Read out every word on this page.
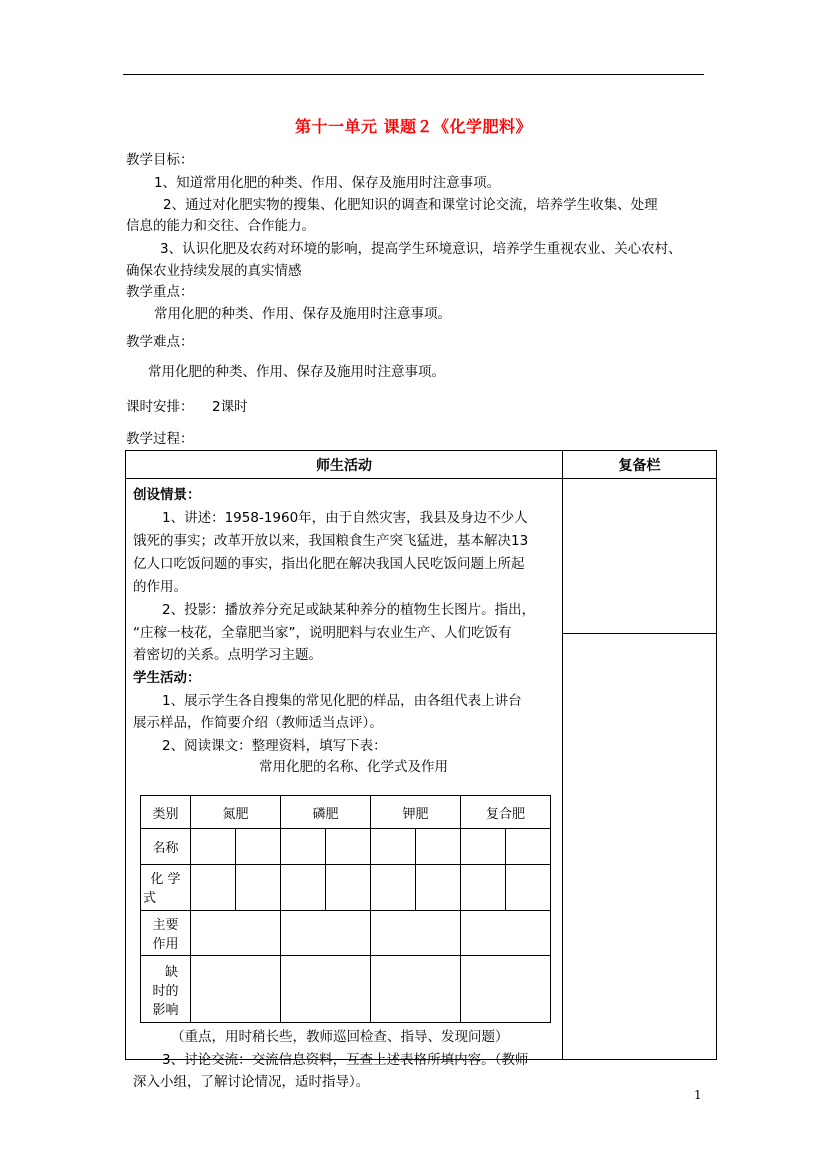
第十一单元 课题２《化学肥料》
教学目标：
1、知道常用化肥的种类、作用、保存及施用时注意事项。
2、通过对化肥实物的搜集、化肥知识的调查和课堂讨论交流，培养学生收集、处理
信息的能力和交往、合作能力。
3、认识化肥及农药对环境的影响，提高学生环境意识，培养学生重视农业、关心农村、
确保农业持续发展的真实情感
教学重点：
常用化肥的种类、作用、保存及施用时注意事项。
教学难点：
常用化肥的种类、作用、保存及施用时注意事项。
课时安排： 2课时
教学过程：
师生活动	复备栏

创设情景：
1、讲述：1958-1960年，由于自然灾害，我县及身边不少人
饿死的事实；改革开放以来，我国粮食生产突飞猛进，基本解决13
亿人口吃饭问题的事实，指出化肥在解决我国人民吃饭问题上所起
的作用。
2、投影：播放养分充足或缺某种养分的植物生长图片。指出，
“庄稼一枝花，全靠肥当家”，说明肥料与农业生产、人们吃饭有
着密切的关系。点明学习主题。
学生活动：
1、展示学生各自搜集的常见化肥的样品，由各组代表上讲台
展示样品，作简要介绍（教师适当点评）。
2、阅读课文：整理资料，填写下表：
常用化肥的名称、化学式及作用
类别	氮肥	磷肥	钾肥	复合肥
名称								

化 学
式

主要
作用

缺
时的
影响

（重点，用时稍长些，教师巡回检查、指导、发现问题）
3、讨论交流：交流信息资料，互查上述表格所填内容。（教师
深入小组，了解讨论情况，适时指导）。

1
